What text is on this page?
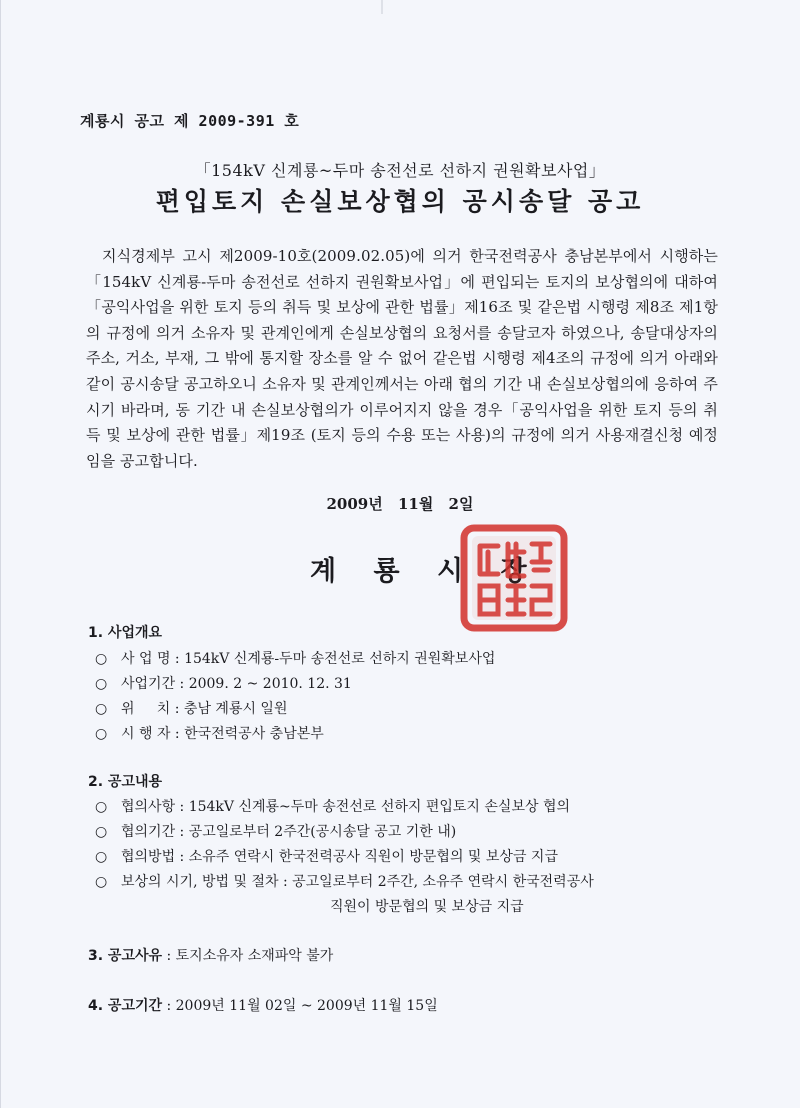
계룡시 공고 제 2009-391 호
「154kV 신계룡~두마 송전선로 선하지 권원확보사업」
편입토지 손실보상협의 공시송달 공고
지식경제부 고시 제2009-10호(2009.02.05)에 의거 한국전력공사 충남본부에서 시행하는 「154kV 신계룡-두마 송전선로 선하지 권원확보사업」에 편입되는 토지의 보상협의에 대하여 「공익사업을 위한 토지 등의 취득 및 보상에 관한 법률」제16조 및 같은법 시행령 제8조 제1항의 규정에 의거 소유자 및 관계인에게 손실보상협의 요청서를 송달코자 하였으나, 송달대상자의 주소, 거소, 부재, 그 밖에 통지할 장소를 알 수 없어 같은법 시행령 제4조의 규정에 의거 아래와 같이 공시송달 공고하오니 소유자 및 관계인께서는 아래 협의 기간 내 손실보상협의에 응하여 주시기 바라며, 동 기간 내 손실보상협의가 이루어지지 않을 경우「공익사업을 위한 토지 등의 취득 및 보상에 관한 법률」제19조 (토지 등의 수용 또는 사용)의 규정에 의거 사용재결신청 예정임을 공고합니다.
2009년 11월 2일
계 룡 시 장
계룡시장인
1. 사업개요
○ 사 업 명 : 154kV 신계룡-두마 송전선로 선하지 권원확보사업
○ 사업기간 : 2009. 2 ~ 2010. 12. 31
○ 위     치 : 충남 계룡시 일원
○ 시 행 자 : 한국전력공사 충남본부
2. 공고내용
○ 협의사항 : 154kV 신계룡~두마 송전선로 선하지 편입토지 손실보상 협의
○ 협의기간 : 공고일로부터 2주간(공시송달 공고 기한 내)
○ 협의방법 : 소유주 연락시 한국전력공사 직원이 방문협의 및 보상금 지급
○ 보상의 시기, 방법 및 절차 : 공고일로부터 2주간, 소유주 연락시 한국전력공사
직원이 방문협의 및 보상금 지급
3. 공고사유 : 토지소유자 소재파악 불가
4. 공고기간 : 2009년 11월 02일 ~ 2009년 11월 15일
